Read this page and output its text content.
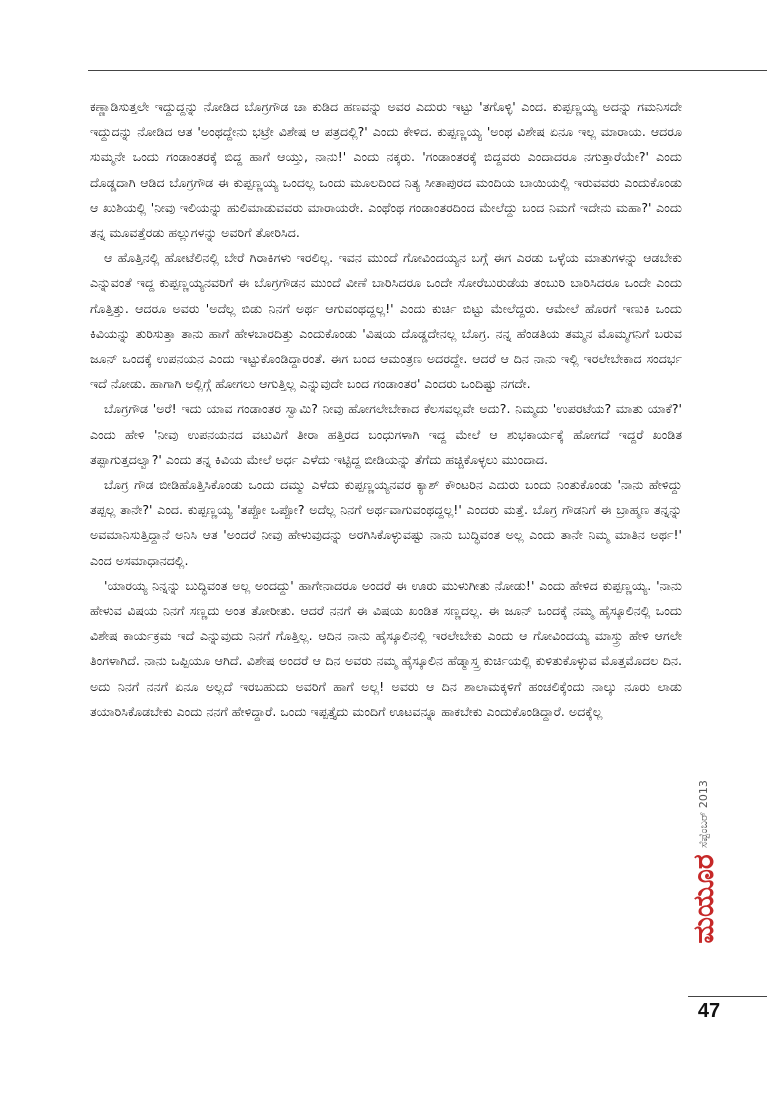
ಕಣ್ಣಾಡಿಸುತ್ತಲೇ ಇದ್ದುದ್ದನ್ನು ನೋಡಿದ ಬೊಗ್ರಗೌಡ ಚಾ ಕುಡಿದ ಹಣವನ್ನು ಅವರ ಎದುರು ಇಟ್ಟು 'ತಗೊಳ್ಳಿ' ಎಂದ. ಕುಪ್ಪಣ್ಣಯ್ಯ ಅದನ್ನು ಗಮನಿಸದೇ ಇದ್ದುದನ್ನು ನೋಡಿದ ಆತ 'ಅಂಥದ್ದೇನು ಭಟ್ರೇ ವಿಶೇಷ ಆ ಪತ್ರದಲ್ಲಿ?' ಎಂದು ಕೇಳಿದ. ಕುಪ್ಪಣ್ಣಯ್ಯ 'ಅಂಥ ವಿಶೇಷ ಏನೂ ಇಲ್ಲ ಮಾರಾಯ. ಆದರೂ ಸುಮ್ಮನೇ ಒಂದು ಗಂಡಾಂತರಕ್ಕೆ ಬಿದ್ದ ಹಾಗೆ ಆಯ್ತು, ನಾನು!' ಎಂದು ನಕ್ಕರು. 'ಗಂಡಾಂತರಕ್ಕೆ ಬಿದ್ದವರು ಎಂದಾದರೂ ನಗುತ್ತಾರೆಯೇ?' ಎಂದು ದೊಡ್ಡದಾಗಿ ಆಡಿದ ಬೊಗ್ರಗೌಡ ಈ ಕುಪ್ಪಣ್ಣಯ್ಯ ಒಂದಲ್ಲ ಒಂದು ಮೂಲದಿಂದ ನಿತ್ಯ ಸೀತಾಪುರದ ಮಂದಿಯ ಬಾಯಿಯಲ್ಲಿ ಇರುವವರು ಎಂದುಕೊಂಡು ಆ ಖುಶಿಯಲ್ಲಿ 'ನೀವು ಇಲಿಯನ್ನು ಹುಲಿಮಾಡುವವರು ಮಾರಾಯರೇ. ಎಂಥೆಂಥ ಗಂಡಾಂತರದಿಂದ ಮೇಲೆದ್ದು ಬಂದ ನಿಮಗೆ ಇದೇನು ಮಹಾ?' ಎಂದು ತನ್ನ ಮೂವತ್ತೆರಡು ಹಲ್ಲುಗಳನ್ನು ಅವರಿಗೆ ತೋರಿಸಿದ.

ಆ ಹೊತ್ತಿನಲ್ಲಿ ಹೋಟೆಲಿನಲ್ಲಿ ಬೇರೆ ಗಿರಾಕಿಗಳು ಇರಲಿಲ್ಲ. ಇವನ ಮುಂದೆ ಗೋವಿಂದಯ್ಯನ ಬಗ್ಗೆ ಈಗ ಎರಡು ಒಳ್ಳೆಯ ಮಾತುಗಳನ್ನು ಆಡಬೇಕು ಎನ್ನುವಂತೆ ಇದ್ದ ಕುಪ್ಪಣ್ಣಯ್ಯನವರಿಗೆ ಈ ಬೊಗ್ರಗೌಡನ ಮುಂದೆ ವೀಣೆ ಬಾರಿಸಿದರೂ ಒಂದೇ ಸೋರೆಬುರುಡೆಯ ತಂಬುರಿ ಬಾರಿಸಿದರೂ ಒಂದೇ ಎಂದು ಗೊತ್ತಿತ್ತು. ಆದರೂ ಅವರು 'ಅದೆಲ್ಲ ಬಿಡು ನಿನಗೆ ಅರ್ಥ ಆಗುವಂಥದ್ದಲ್ಲ!' ಎಂದು ಕುರ್ಚಿ ಬಿಟ್ಟು ಮೇಲೆದ್ದರು. ಆಮೇಲೆ ಹೊರಗೆ ಇಣುಕಿ ಒಂದು ಕಿವಿಯನ್ನು ತುರಿಸುತ್ತಾ ತಾನು ಹಾಗೆ ಹೇಳಬಾರದಿತ್ತು ಎಂದುಕೊಂಡು 'ವಿಷಯ ದೊಡ್ಡದೇನಲ್ಲ ಬೊಗ್ರ. ನನ್ನ ಹೆಂಡತಿಯ ತಮ್ಮನ ಮೊಮ್ಮಗನಿಗೆ ಬರುವ ಜೂನ್ ಒಂದಕ್ಕೆ ಉಪನಯನ ಎಂದು ಇಟ್ಟುಕೊಂಡಿದ್ದಾರಂತೆ. ಈಗ ಬಂದ ಆಮಂತ್ರಣ ಅದರದ್ದೇ. ಆದರೆ ಆ ದಿನ ನಾನು ಇಲ್ಲಿ ಇರಲೇಬೇಕಾದ ಸಂದರ್ಭ ಇದೆ ನೋಡು. ಹಾಗಾಗಿ ಅಲ್ಲಿಗ್ಗೆ ಹೋಗಲು ಆಗುತ್ತಿಲ್ಲ ಎನ್ನುವುದೇ ಬಂದ ಗಂಡಾಂತರ' ಎಂದರು ಒಂದಿಷ್ಟು ನಗದೇ.

ಬೊಗ್ರಗೌಡ 'ಅರೆ! ಇದು ಯಾವ ಗಂಡಾಂತರ ಸ್ವಾಮಿ? ನೀವು ಹೋಗಲೇಬೇಕಾದ ಕೆಲಸವಲ್ಲವೇ ಅದು?. ನಿಮ್ಮದು 'ಉಪರಟೆಯ? ಮಾತು ಯಾಕೆ?' ಎಂದು ಹೇಳಿ 'ನೀವು ಉಪನಯನದ ವಟುವಿಗೆ ತೀರಾ ಹತ್ತಿರದ ಬಂಧುಗಳಾಗಿ ಇದ್ದ ಮೇಲೆ ಆ ಶುಭಕಾರ್ಯಕ್ಕೆ ಹೋಗದೆ ಇದ್ದರೆ ಖಂಡಿತ ತಪ್ಪಾಗುತ್ತದಲ್ವಾ?' ಎಂದು ತನ್ನ ಕಿವಿಯ ಮೇಲೆ ಅರ್ಧ ಎಳೆದು ಇಟ್ಟಿದ್ದ ಬೀಡಿಯನ್ನು ತೆಗೆದು ಹಚ್ಚಿಕೊಳ್ಳಲು ಮುಂದಾದ.

ಬೊಗ್ರ ಗೌಡ ಬೀಡಿಹೊತ್ತಿಸಿಕೊಂಡು ಒಂದು ದಮ್ಮು ಎಳೆದು ಕುಪ್ಪಣ್ಣಯ್ಯನವರ ಕ್ಯಾಶ್ ಕೌಂಟರಿನ ಎದುರು ಬಂದು ನಿಂತುಕೊಂಡು 'ನಾನು ಹೇಳಿದ್ದು ತಪ್ಪಲ್ಲ ತಾನೇ?' ಎಂದ. ಕುಪ್ಪಣ್ಣಯ್ಯ 'ತಪ್ಪೋ ಒಪ್ಪೋ? ಅದೆಲ್ಲ ನಿನಗೆ ಅರ್ಥವಾಗುವಂಥದ್ದಲ್ಲ!' ಎಂದರು ಮತ್ತೆ. ಬೊಗ್ರ ಗೌಡನಿಗೆ ಈ ಬ್ರಾಹ್ಮಣ ತನ್ನನ್ನು ಅವಮಾನಿಸುತ್ತಿದ್ದಾನೆ ಅನಿಸಿ ಆತ 'ಅಂದರೆ ನೀವು ಹೇಳುವುದನ್ನು ಅರಗಿಸಿಕೊಳ್ಳುವಷ್ಟು ನಾನು ಬುದ್ಧಿವಂತ ಅಲ್ಲ ಎಂದು ತಾನೇ ನಿಮ್ಮ ಮಾತಿನ ಅರ್ಥ!' ಎಂದ ಅಸಮಾಧಾನದಲ್ಲಿ.

'ಯಾರಯ್ಯ ನಿನ್ನನ್ನು ಬುದ್ಧಿವಂತ ಅಲ್ಲ ಅಂದದ್ದು' ಹಾಗೇನಾದರೂ ಅಂದರೆ ಈ ಊರು ಮುಳುಗೀತು ನೋಡು!' ಎಂದು ಹೇಳಿದ ಕುಪ್ಪಣ್ಣಯ್ಯ. 'ನಾನು ಹೇಳುವ ವಿಷಯ ನಿನಗೆ ಸಣ್ಣದು ಅಂತ ತೋರೀತು. ಆದರೆ ನನಗೆ ಈ ವಿಷಯ ಖಂಡಿತ ಸಣ್ಣದಲ್ಲ. ಈ ಜೂನ್ ಒಂದಕ್ಕೆ ನಮ್ಮ ಹೈಸ್ಕೂಲಿನಲ್ಲಿ ಒಂದು ವಿಶೇಷ ಕಾರ್ಯಕ್ರಮ ಇದೆ ಎನ್ನುವುದು ನಿನಗೆ ಗೊತ್ತಿಲ್ಲ. ಆದಿನ ನಾನು ಹೈಸ್ಕೂಲಿನಲ್ಲಿ ಇರಲೇಬೇಕು ಎಂದು ಆ ಗೋವಿಂದಯ್ಯ ಮಾಸ್ತ್ರು ಹೇಳಿ ಆಗಲೇ ತಿಂಗಳಾಗಿದೆ. ನಾನು ಒಪ್ಪಿಯೂ ಆಗಿದೆ. ವಿಶೇಷ ಅಂದರೆ ಆ ದಿನ ಅವರು ನಮ್ಮ ಹೈಸ್ಕೂಲಿನ ಹೆಡ್ಮಾಸ್ತ್ರ ಕುರ್ಚಿಯಲ್ಲಿ ಕುಳಿತುಕೊಳ್ಳುವ ಮೊತ್ತಮೊದಲ ದಿನ. ಅದು ನಿನಗೆ ನನಗೆ ಏನೂ ಅಲ್ಲದೆ ಇರಬಹುದು ಅವರಿಗೆ ಹಾಗೆ ಅಲ್ಲ! ಅವರು ಆ ದಿನ ಶಾಲಾಮಕ್ಕಳಿಗೆ ಹಂಚಲಿಕ್ಕೆಂದು ನಾಲ್ಕು ನೂರು ಲಾಡು ತಯಾರಿಸಿಕೊಡಬೇಕು ಎಂದು ನನಗೆ ಹೇಳಿದ್ದಾರೆ. ಒಂದು ಇಪ್ಪತ್ತೈದು ಮಂದಿಗೆ ಊಟವನ್ನೂ ಹಾಕಬೇಕು ಎಂದುಕೊಂಡಿದ್ದಾರೆ. ಅದಕ್ಕೆಲ್ಲ

ಸೆಪ್ಟೆಂಬರ್ 2013
ಮಯೂರ
47
